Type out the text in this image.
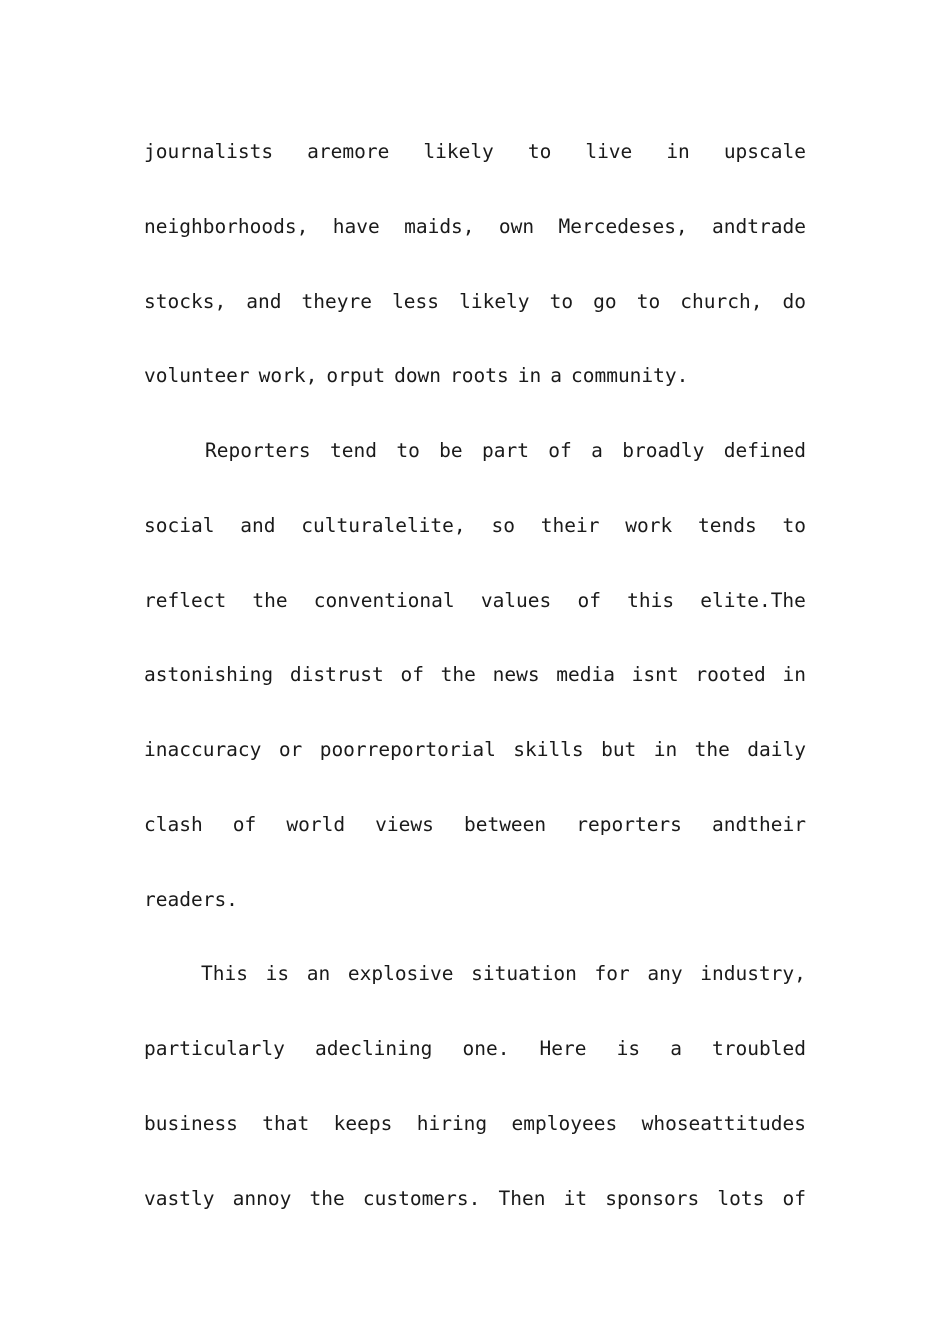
journalists aremore likely to live in upscale
neighborhoods, have maids, own Mercedeses, andtrade
stocks, and theyre less likely to go to church, do
volunteer work, orput down roots in a community.
Reporters tend to be part of a broadly defined
social and culturalelite, so their work tends to
reflect the conventional values of this elite.The
astonishing distrust of the news media isnt rooted in
inaccuracy or poorreportorial skills but in the daily
clash of world views between reporters andtheir
readers.
This is an explosive situation for any industry,
particularly adeclining one. Here is a troubled
business that keeps hiring employees whoseattitudes
vastly annoy the customers. Then it sponsors lots of
